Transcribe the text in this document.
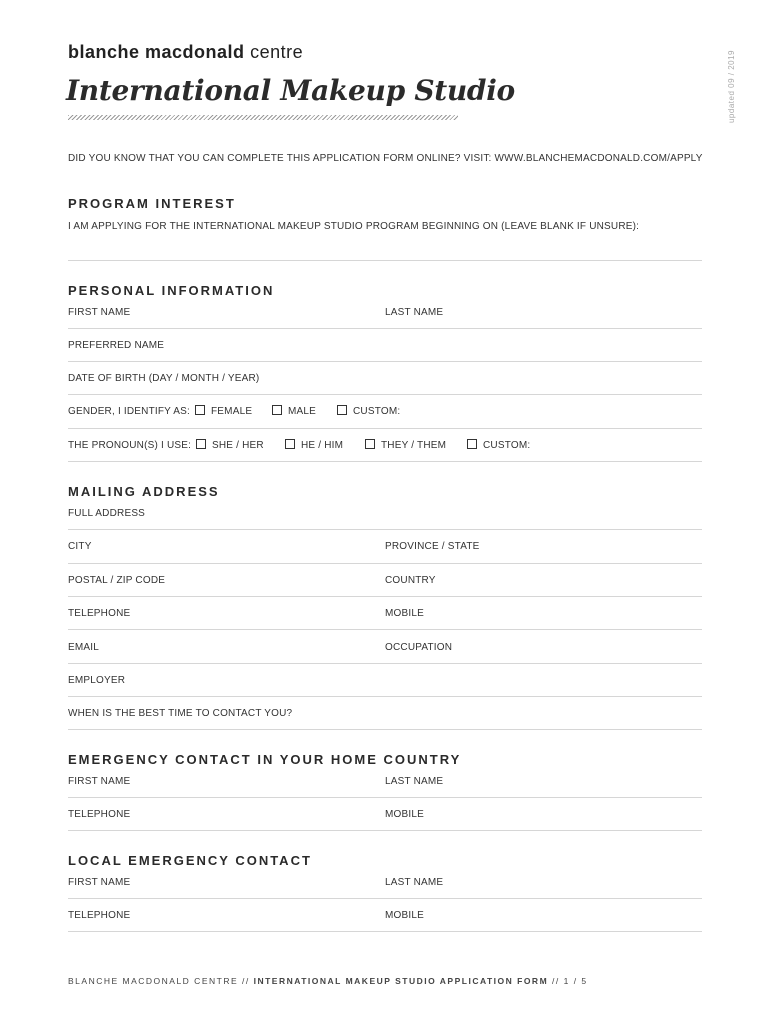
blanche macdonald centre
International Makeup Studio	updated 09 / 2019
DID YOU KNOW THAT YOU CAN COMPLETE THIS APPLICATION FORM ONLINE? VISIT: WWW.BLANCHEMACDONALD.COM/APPLY
PROGRAM INTEREST
I AM APPLYING FOR THE INTERNATIONAL MAKEUP STUDIO PROGRAM BEGINNING ON (LEAVE BLANK IF UNSURE):
PERSONAL INFORMATION
FIRST NAME	LAST NAME
PREFERRED NAME
DATE OF BIRTH (DAY / MONTH / YEAR)
GENDER, I IDENTIFY AS:	FEMALE	MALE	CUSTOM:
THE PRONOUN(S) I USE:	SHE / HER	HE / HIM	THEY / THEM	CUSTOM:
MAILING ADDRESS
FULL ADDRESS
CITY	PROVINCE / STATE
POSTAL / ZIP CODE	COUNTRY
TELEPHONE	MOBILE
EMAIL	OCCUPATION
EMPLOYER
WHEN IS THE BEST TIME TO CONTACT YOU?
EMERGENCY CONTACT IN YOUR HOME COUNTRY
FIRST NAME	LAST NAME
TELEPHONE	MOBILE
LOCAL EMERGENCY CONTACT
FIRST NAME	LAST NAME
TELEPHONE	MOBILE
BLANCHE MACDONALD CENTRE // INTERNATIONAL MAKEUP STUDIO APPLICATION FORM // 1 / 5
